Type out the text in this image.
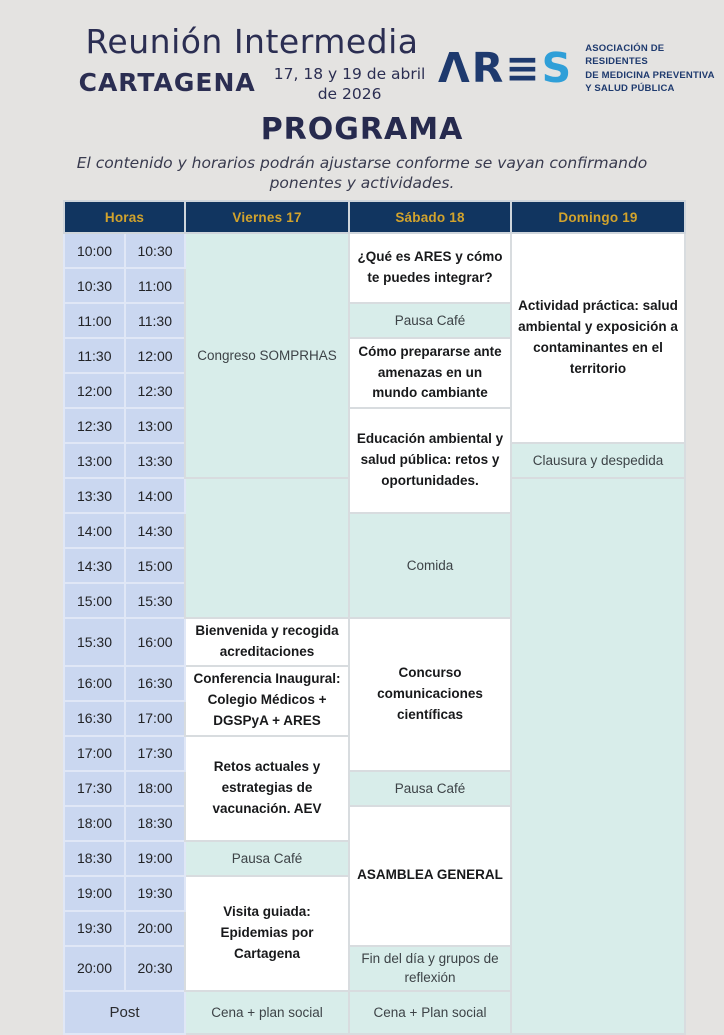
Reunión Intermedia
CARTAGENA 17, 18 y 19 de abril
de 2026
ΛR≡S ASOCIACIÓN DE RESIDENTES
DE MEDICINA PREVENTIVA
Y SALUD PÚBLICA
PROGRAMA
El contenido y horarios podrán ajustarse conforme se vayan confirmando
ponentes y actividades.
Horas		Viernes 17	Sábado 18	Domingo 19
10:00	10:30	Congreso SOMPRHAS	¿Qué es ARES y cómo te puedes integrar?	Actividad práctica: salud ambiental y exposición a contaminantes en el territorio
10:30	11:00			
11:00	11:30		Pausa Café	
11:30	12:00		Cómo prepararse ante amenazas en un mundo cambiante	
12:00	12:30			
12:30	13:00		Educación ambiental y salud pública: retos y oportunidades.	
13:00	13:30			Clausura y despedida
13:30	14:00			
14:00	14:30		Comida	
14:30	15:00			
15:00	15:30			
15:30	16:00	Bienvenida y recogida acreditaciones	Concurso comunicaciones científicas	
16:00	16:30	Conferencia Inaugural: Colegio Médicos + DGSPyA + ARES		
16:30	17:00			
17:00	17:30	Retos actuales y estrategias de vacunación. AEV		
17:30	18:00		Pausa Café	
18:00	18:30		ASAMBLEA GENERAL	
18:30	19:00	Pausa Café		
19:00	19:30	Visita guiada: Epidemias por Cartagena		
19:30	20:00			
20:00	20:30		Fin del día y grupos de reflexión	
Post		Cena + plan social	Cena + Plan social	
